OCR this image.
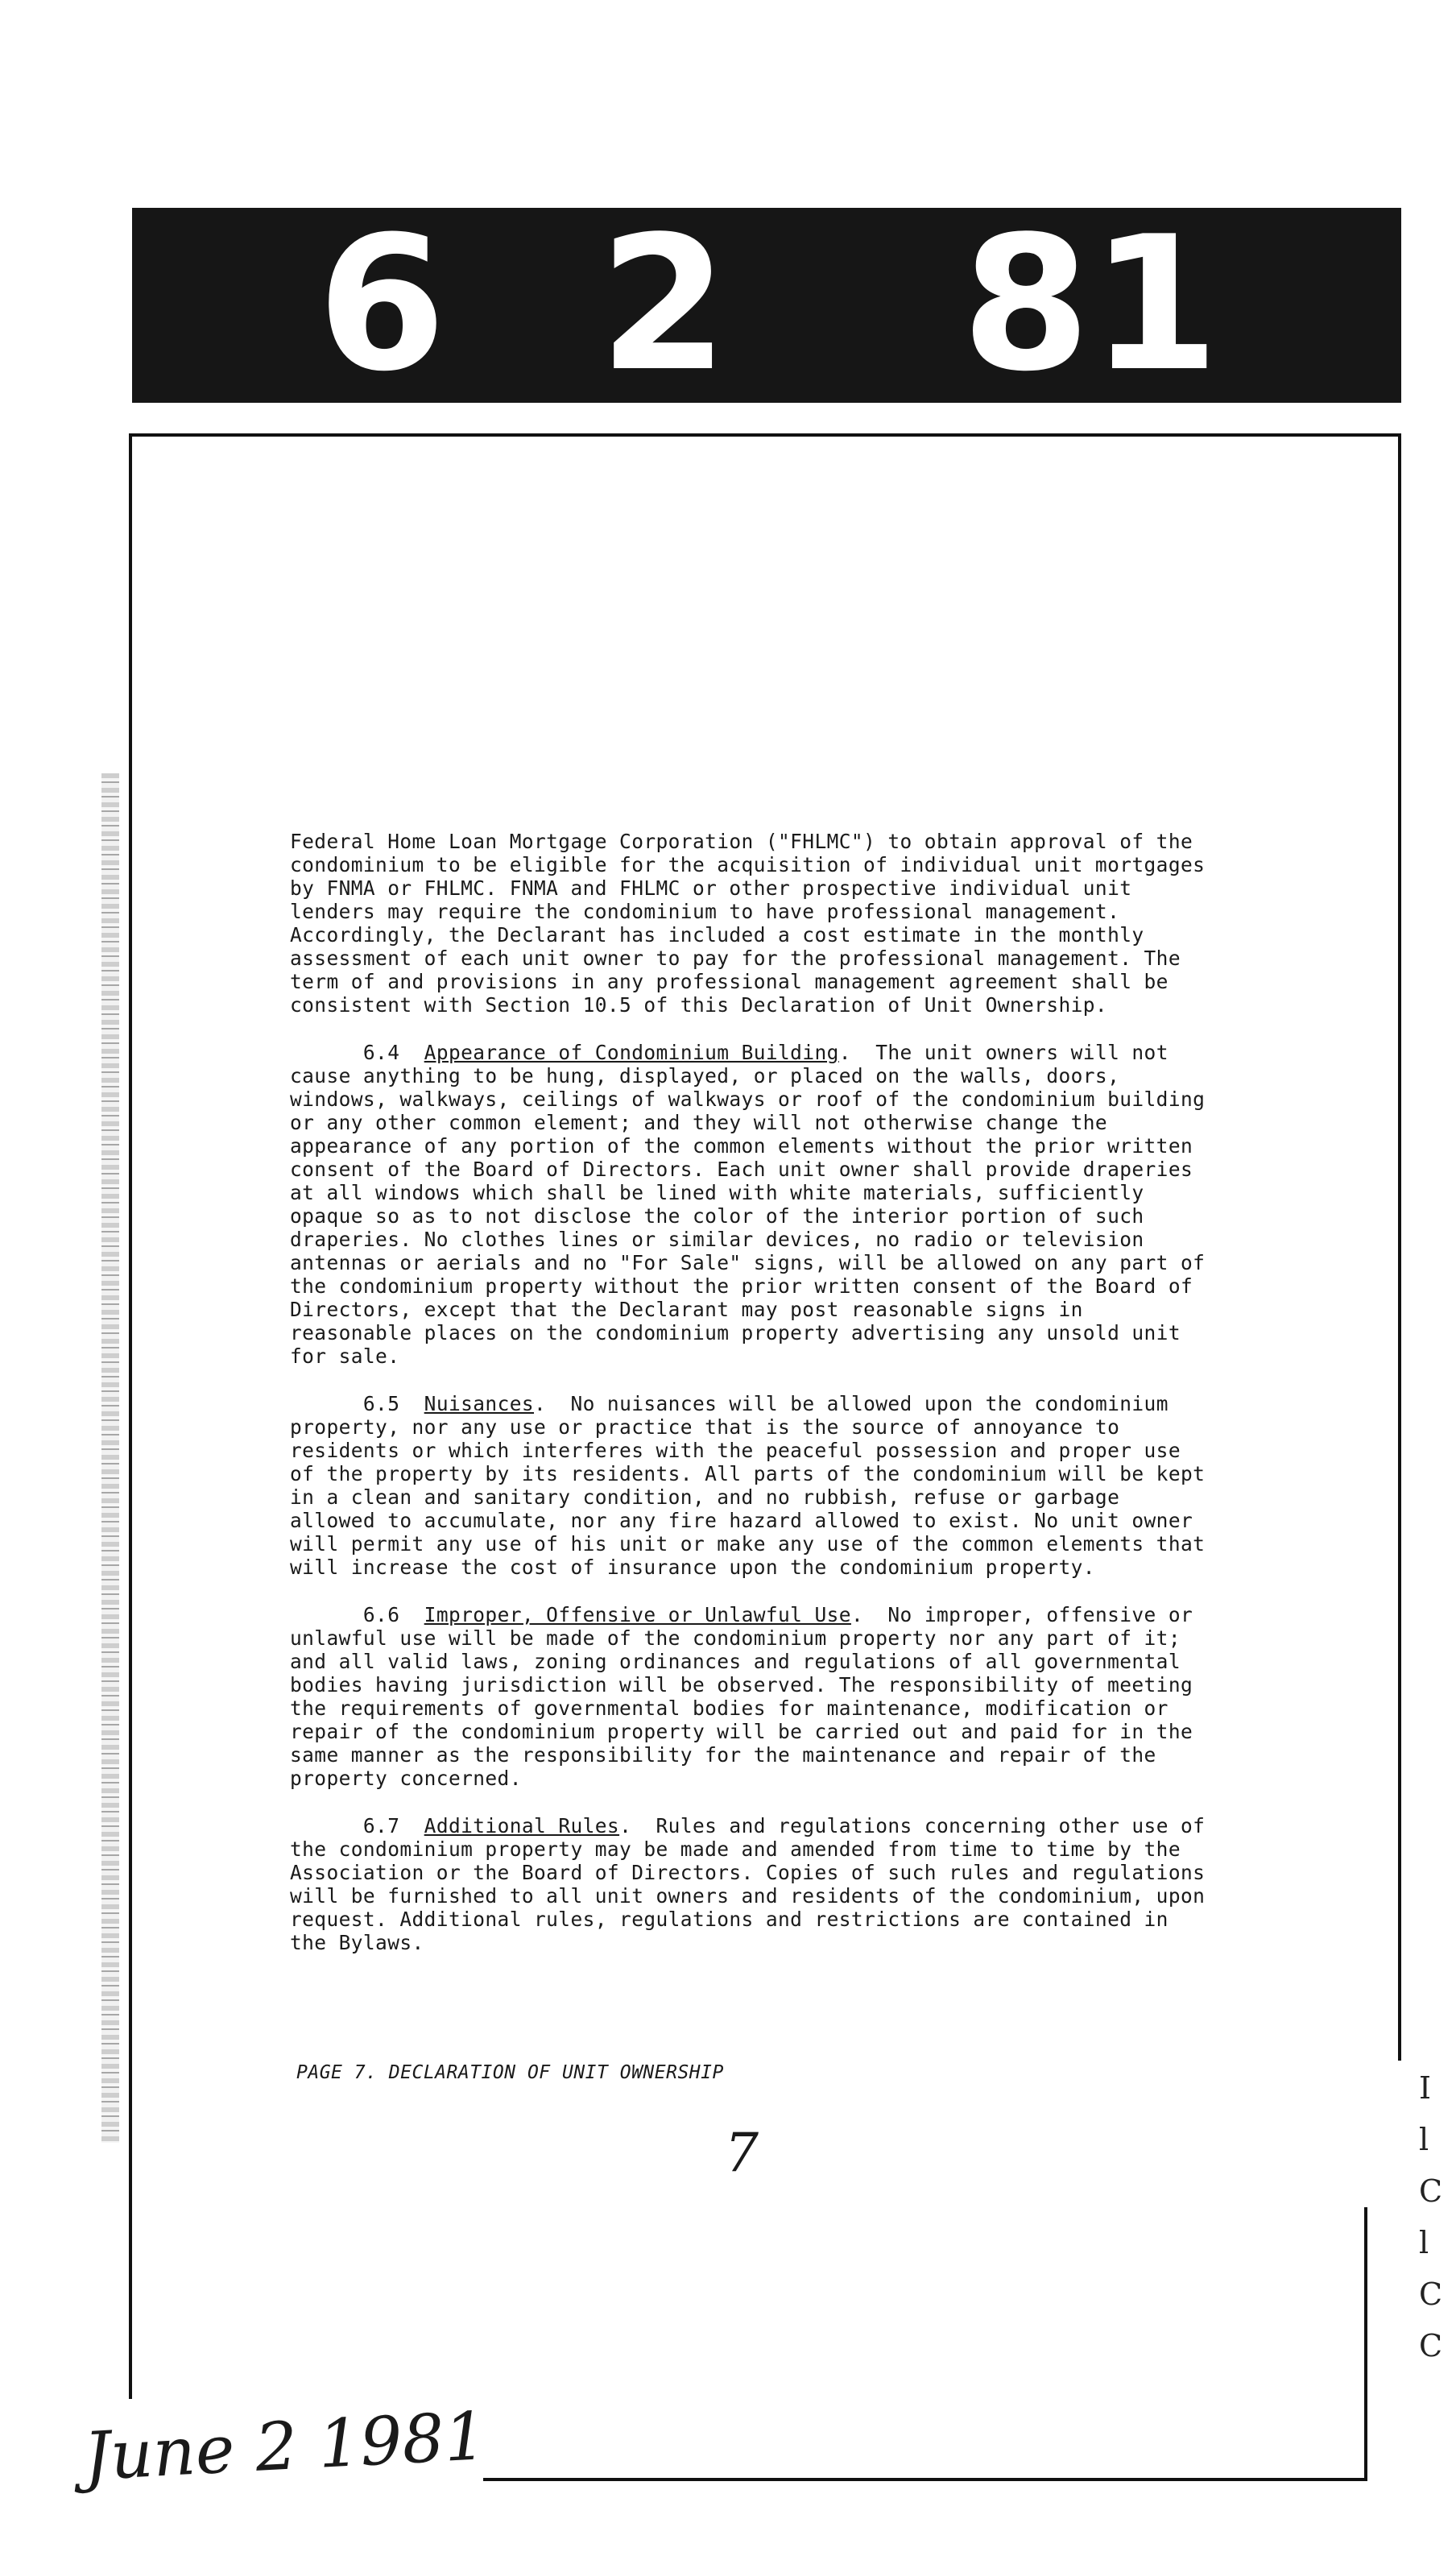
6 2 81

Federal Home Loan Mortgage Corporation ("FHLMC") to obtain approval of the condominium to be eligible for the acquisition of individual unit mortgages by FNMA or FHLMC. FNMA and FHLMC or other prospective individual unit lenders may require the condominium to have professional management. Accordingly, the Declarant has included a cost estimate in the monthly assessment of each unit owner to pay for the professional management. The term of and provisions in any professional management agreement shall be consistent with Section 10.5 of this Declaration of Unit Ownership.

6.4 Appearance of Condominium Building.  The unit owners will not cause anything to be hung, displayed, or placed on the walls, doors, windows, walkways, ceilings of walkways or roof of the condominium building or any other common element; and they will not otherwise change the appearance of any portion of the common elements without the prior written consent of the Board of Directors. Each unit owner shall provide draperies at all windows which shall be lined with white materials, sufficiently opaque so as to not disclose the color of the interior portion of such draperies. No clothes lines or similar devices, no radio or television antennas or aerials and no "For Sale" signs, will be allowed on any part of the condominium property without the prior written consent of the Board of Directors, except that the Declarant may post reasonable signs in reasonable places on the condominium property advertising any unsold unit for sale.

6.5 Nuisances.  No nuisances will be allowed upon the condominium property, nor any use or practice that is the source of annoyance to residents or which interferes with the peaceful possession and proper use of the property by its residents. All parts of the condominium will be kept in a clean and sanitary condition, and no rubbish, refuse or garbage allowed to accumulate, nor any fire hazard allowed to exist. No unit owner will permit any use of his unit or make any use of the common elements that will increase the cost of insurance upon the condominium property.

6.6 Improper, Offensive or Unlawful Use.  No improper, offensive or unlawful use will be made of the condominium property nor any part of it; and all valid laws, zoning ordinances and regulations of all governmental bodies having jurisdiction will be observed. The responsibility of meeting the requirements of governmental bodies for maintenance, modification or repair of the condominium property will be carried out and paid for in the same manner as the responsibility for the maintenance and repair of the property concerned.

6.7 Additional Rules.  Rules and regulations concerning other use of the condominium property may be made and amended from time to time by the Association or the Board of Directors. Copies of such rules and regulations will be furnished to all unit owners and residents of the condominium, upon request. Additional rules, regulations and restrictions are contained in the Bylaws.

PAGE 7. DECLARATION OF UNIT OWNERSHIP
7
June 2 1981
I
l
C
l
C
C
